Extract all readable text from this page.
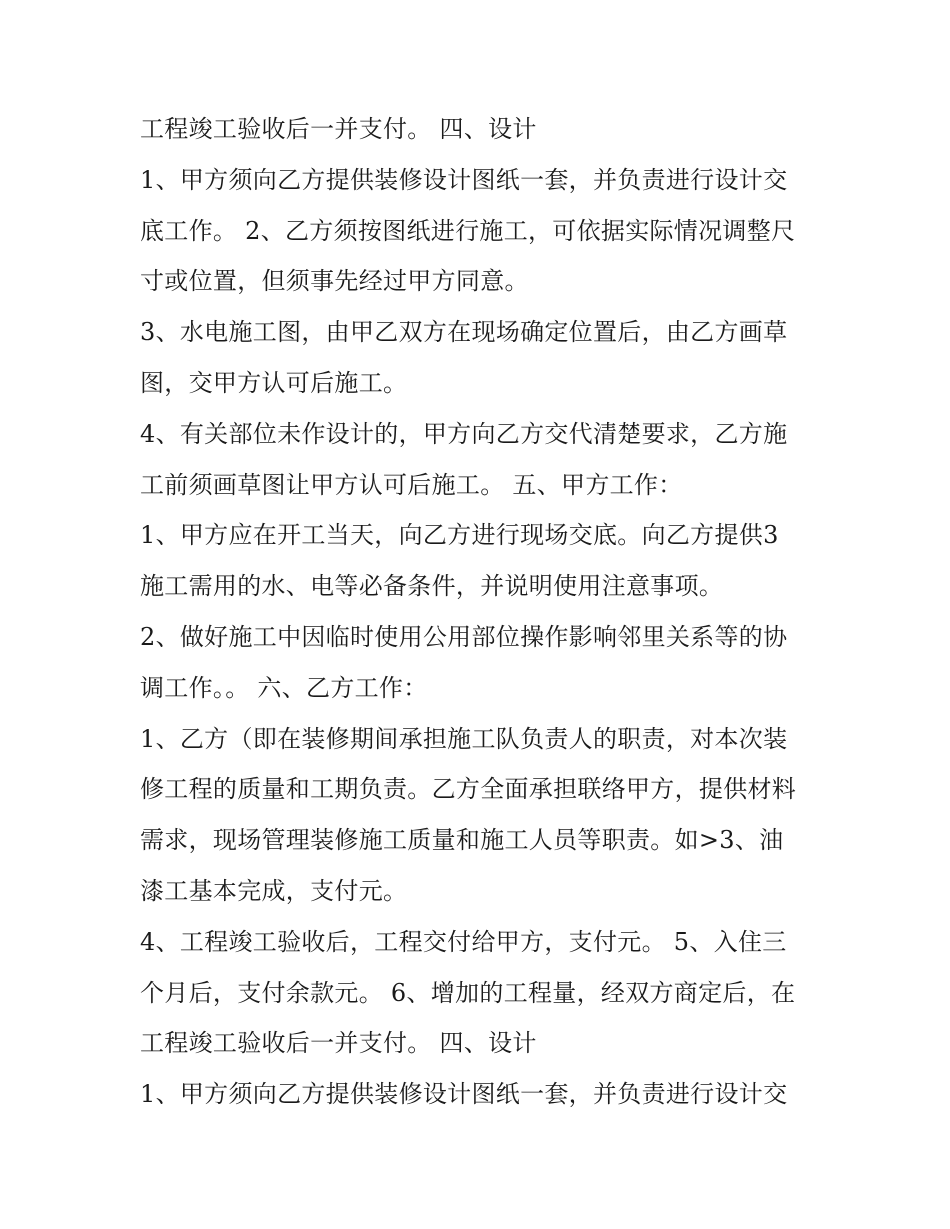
工程竣工验收后一并支付。 四、设计
1、甲方须向乙方提供装修设计图纸一套，并负责进行设计交
底工作。 2、乙方须按图纸进行施工，可依据实际情况调整尺
寸或位置，但须事先经过甲方同意。
3、水电施工图，由甲乙双方在现场确定位置后，由乙方画草
图，交甲方认可后施工。
4、有关部位未作设计的，甲方向乙方交代清楚要求，乙方施
工前须画草图让甲方认可后施工。 五、甲方工作：
1、甲方应在开工当天，向乙方进行现场交底。向乙方提供3
施工需用的水、电等必备条件，并说明使用注意事项。
2、做好施工中因临时使用公用部位操作影响邻里关系等的协
调工作。。 六、乙方工作：
1、乙方（即在装修期间承担施工队负责人的职责，对本次装
修工程的质量和工期负责。乙方全面承担联络甲方，提供材料
需求，现场管理装修施工质量和施工人员等职责。如>3、油
漆工基本完成，支付元。
4、工程竣工验收后，工程交付给甲方，支付元。 5、入住三
个月后，支付余款元。 6、增加的工程量，经双方商定后，在
工程竣工验收后一并支付。 四、设计
1、甲方须向乙方提供装修设计图纸一套，并负责进行设计交
